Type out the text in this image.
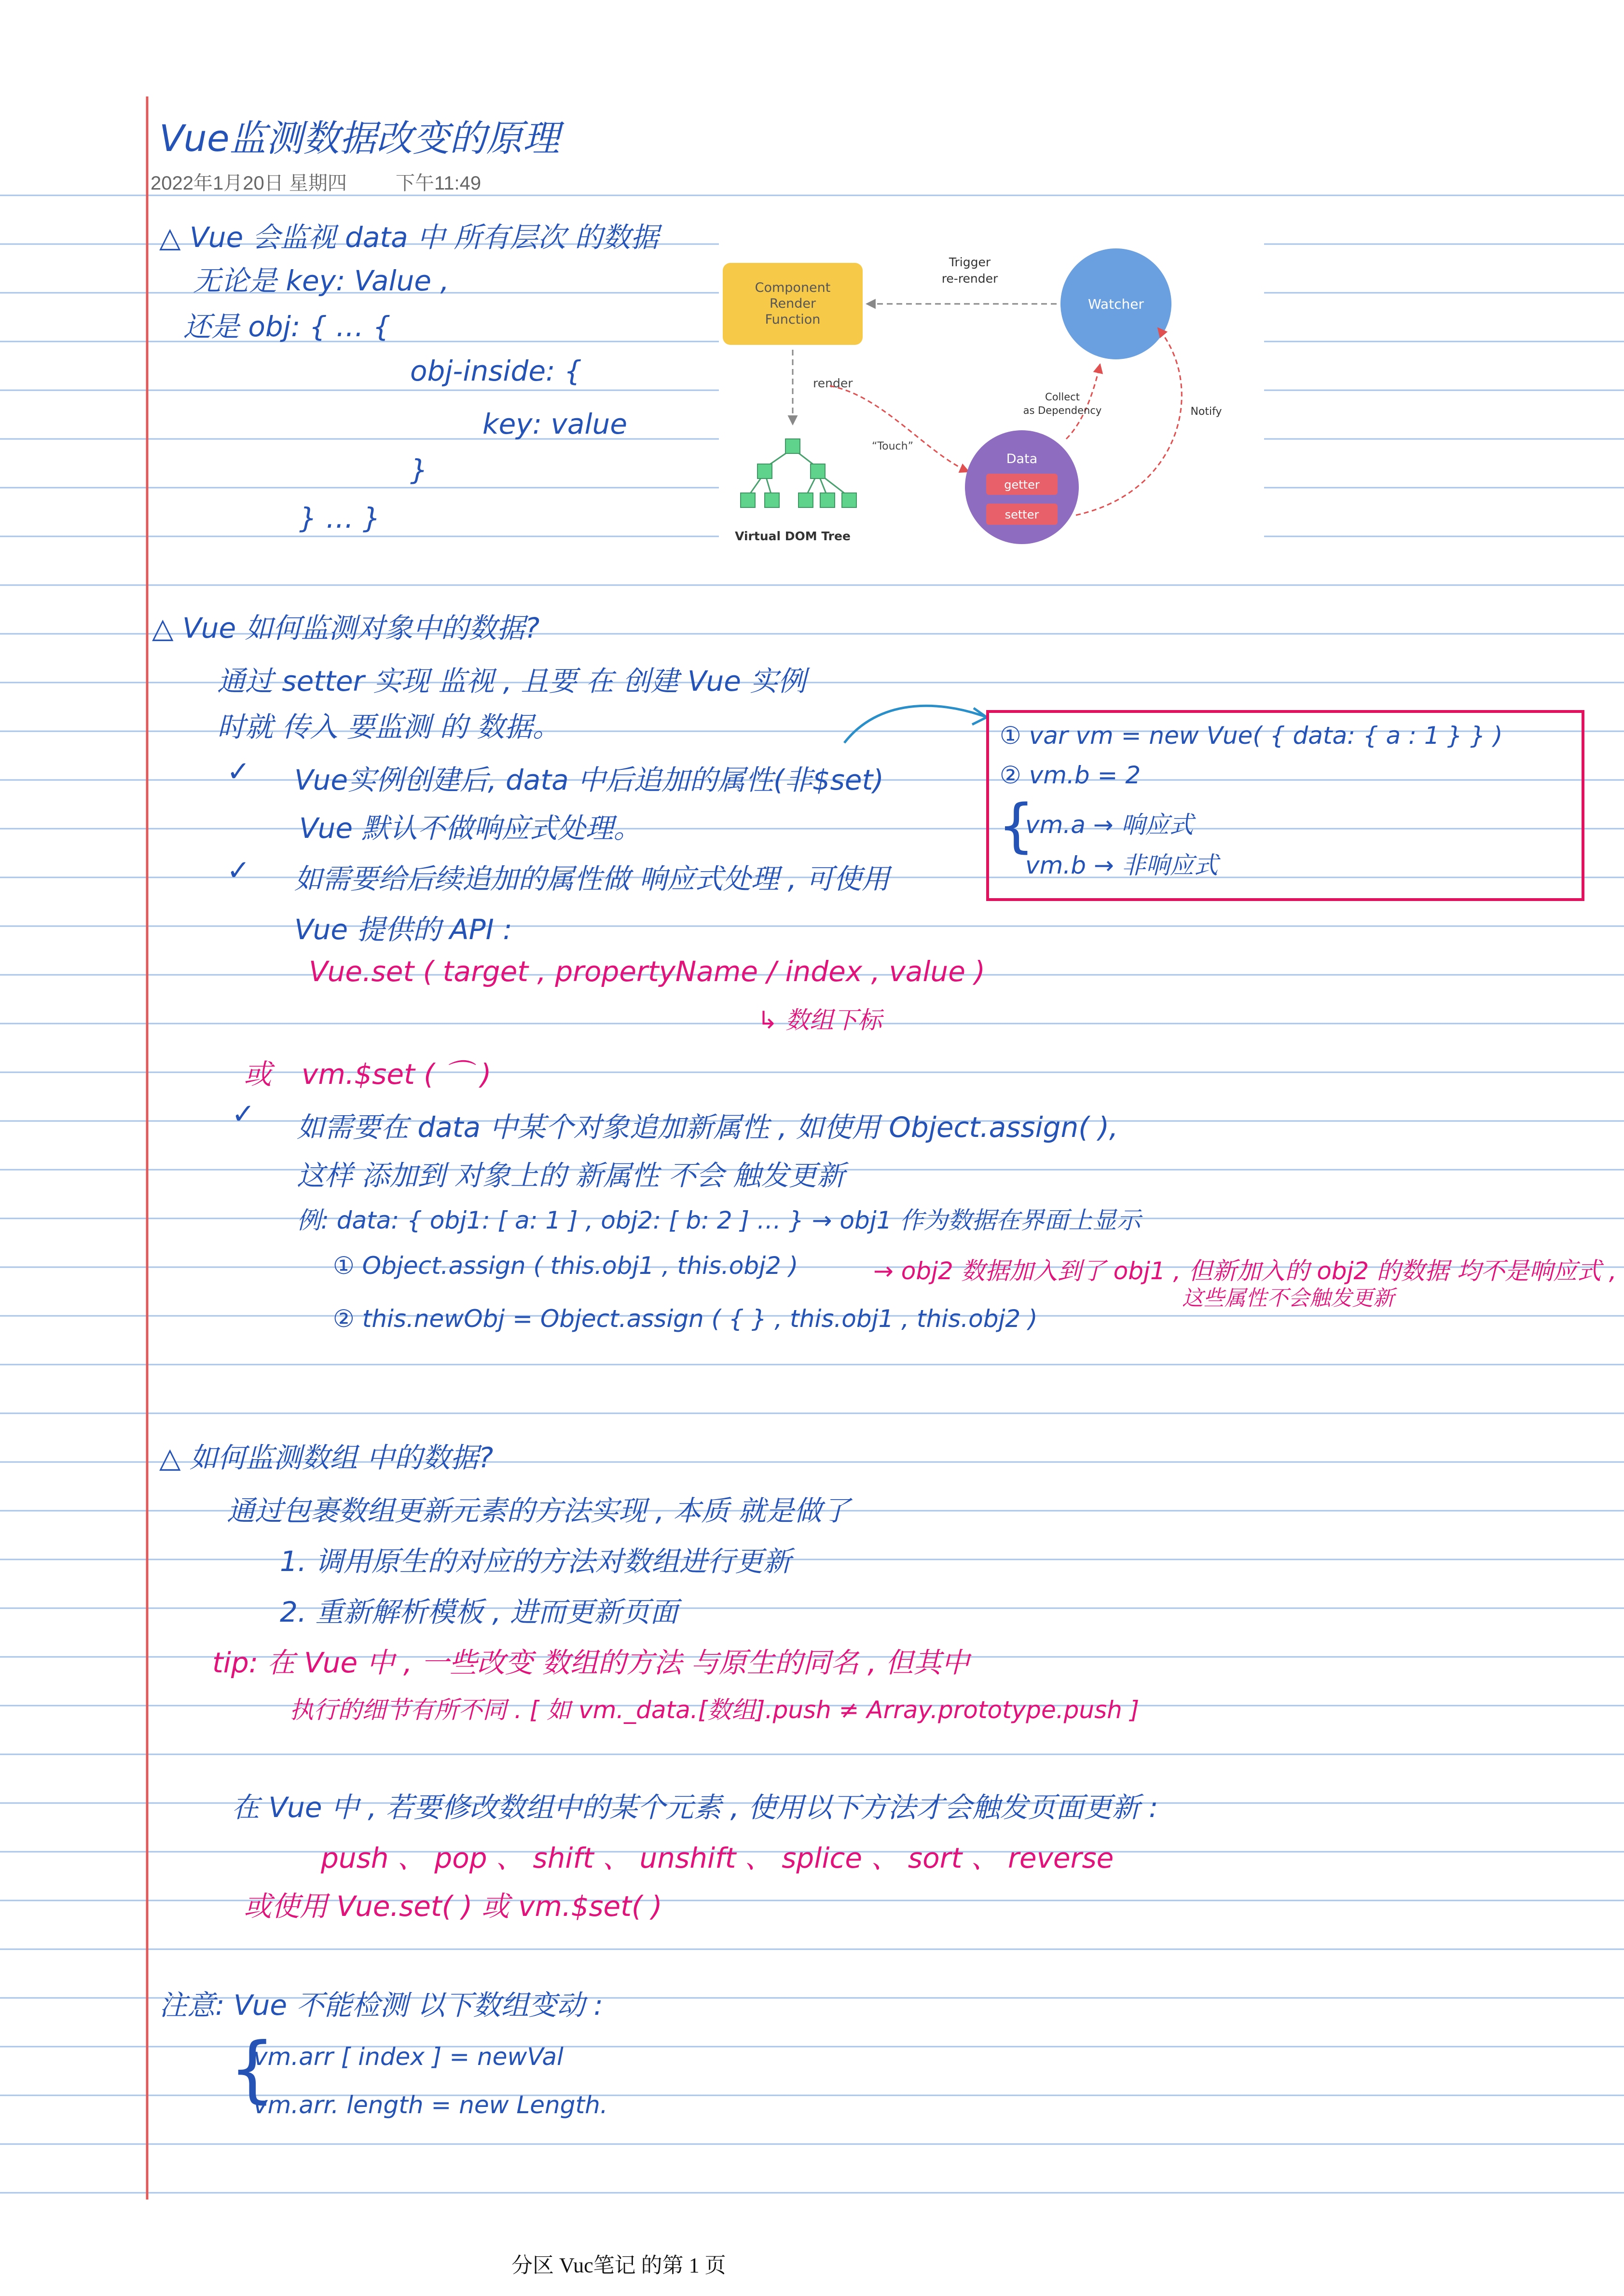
Vue监测数据改变的原理
2022年1月20日 星期四	下午11:49
△ Vue 会监视 data 中 所有层次 的数据
无论是 key: Value ,
还是 obj: { … {
obj-inside: {
key: value
}
} … }
Component
Render
Function
Trigger
re-render
Watcher
render
“Touch”
Collect
as Dependency	Notify
Data
getter
setter
Virtual DOM Tree
△ Vue 如何监测对象中的数据?
通过 setter 实现 监视 , 且要 在 创建 Vue 实例
时就 传入 要监测 的 数据。
✓ Vue实例创建后, data 中后追加的属性(非$set)
Vue 默认不做响应式处理。
✓ 如需要给后续追加的属性做 响应式处理 , 可使用
Vue 提供的 API :
Vue.set ( target , propertyName / index , value )
↳ 数组下标
或 vm.$set ( ⌒ )
✓ 如需要在 data 中某个对象追加新属性 , 如使用 Object.assign( ),
这样 添加到 对象上的 新属性 不会 触发更新
例: data: { obj1: [ a: 1 ] , obj2: [ b: 2 ] … } → obj1 作为数据在界面上显示
① Object.assign ( this.obj1 , this.obj2 )	→ obj2 数据加入到了 obj1 , 但新加入的 obj2 的数据 均不是响应式 ,
这些属性不会触发更新
② this.newObj = Object.assign ( { } , this.obj1 , this.obj2 )
① var vm = new Vue( { data: { a : 1 } } )
② vm.b = 2
{
vm.a → 响应式
vm.b → 非响应式
△ 如何监测数组 中的数据?
通过包裹数组更新元素的方法实现 , 本质 就是做了
1. 调用原生的对应的方法对数组进行更新
2. 重新解析模板 , 进而更新页面
tip: 在 Vue 中 , 一些改变 数组的方法 与原生的同名 , 但其中
执行的细节有所不同 . [ 如 vm._data.[数组].push ≠ Array.prototype.push ]
在 Vue 中 , 若要修改数组中的某个元素 , 使用以下方法才会触发页面更新 :
push 、 pop 、 shift 、 unshift 、 splice 、 sort 、 reverse
或使用 Vue.set( ) 或 vm.$set( )
注意: Vue 不能检测 以下数组变动 :
{
vm.arr [ index ] = newVal
vm.arr. length = new Length.
分区 Vuc笔记 的第 1 页
